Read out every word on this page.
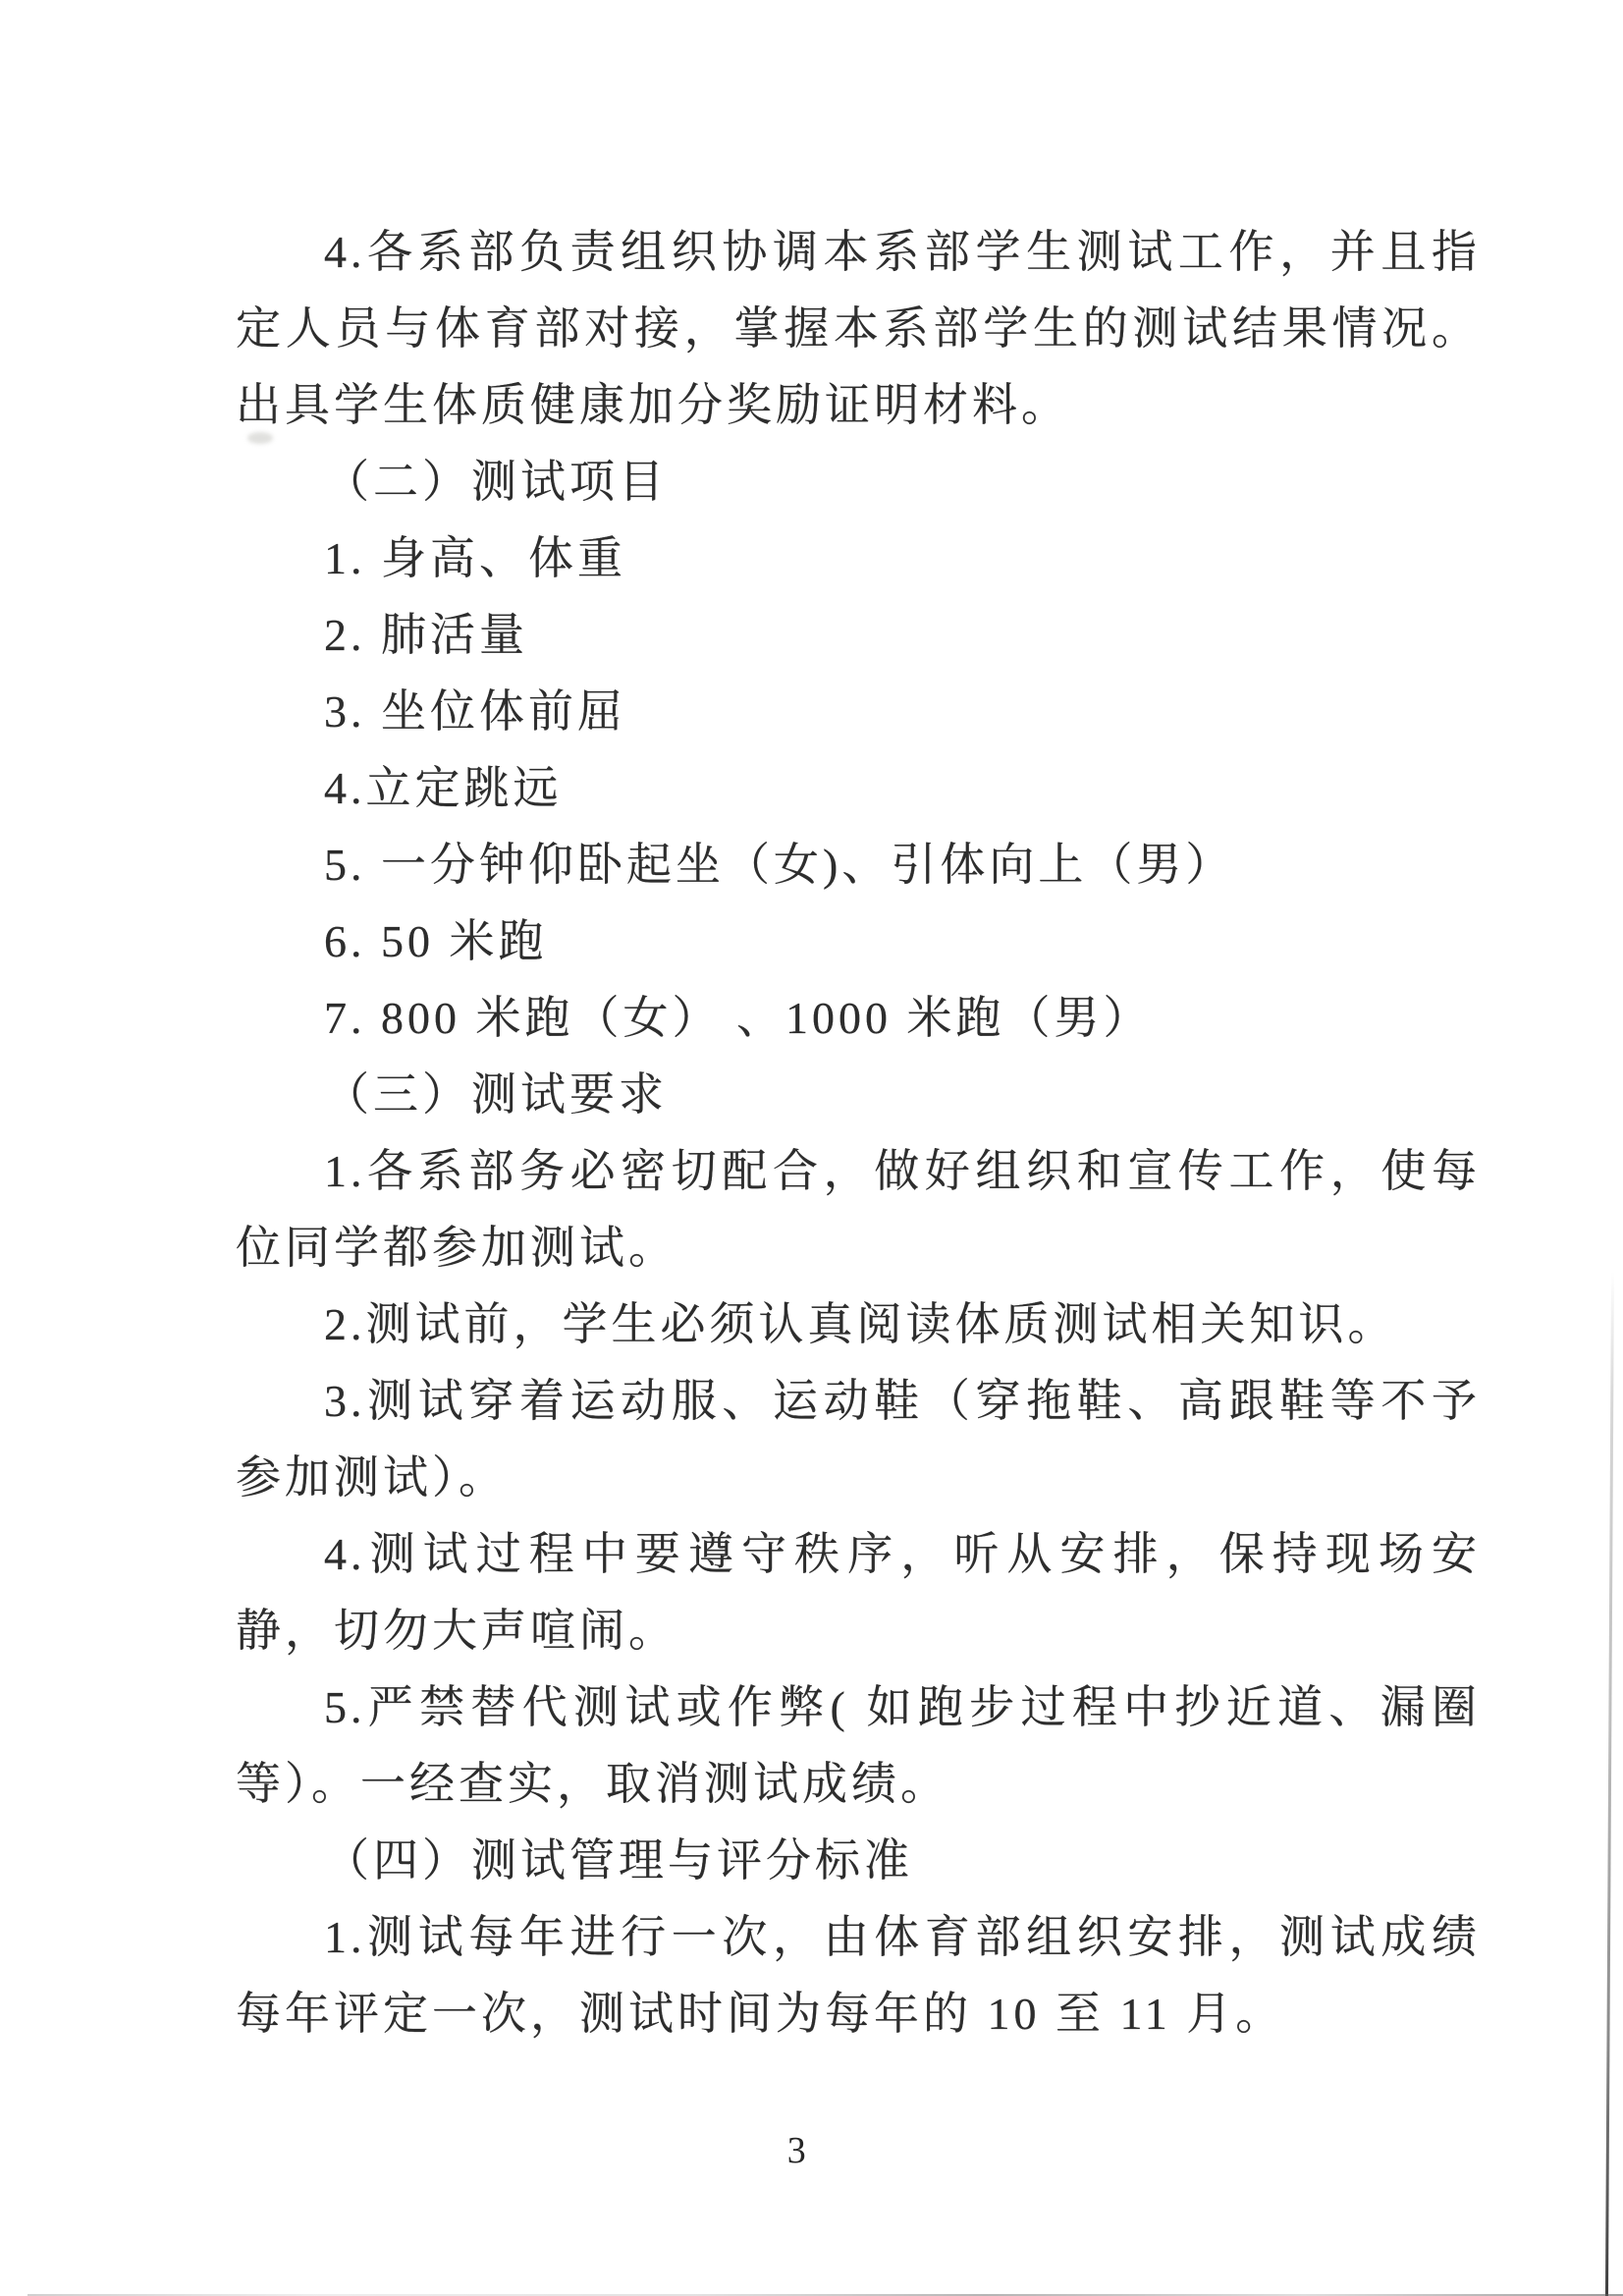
4.各系部负责组织协调本系部学生测试工作，并且指定人员与体育部对接，掌握本系部学生的测试结果情况。出具学生体质健康加分奖励证明材料。

（二）测试项目

1. 身高、体重

2. 肺活量

3. 坐位体前屈

4.立定跳远

5. 一分钟仰卧起坐（女)、引体向上（男）

6. 50 米跑

7. 800 米跑（女） 、1000 米跑（男）

（三）测试要求

1.各系部务必密切配合，做好组织和宣传工作，使每位同学都参加测试。

2.测试前，学生必须认真阅读体质测试相关知识。

3.测试穿着运动服、运动鞋（穿拖鞋、高跟鞋等不予参加测试）。

4.测试过程中要遵守秩序，听从安排，保持现场安静，切勿大声喧闹。

5.严禁替代测试或作弊( 如跑步过程中抄近道、漏圈等）。一经查实，取消测试成绩。

（四）测试管理与评分标准

1.测试每年进行一次，由体育部组织安排，测试成绩每年评定一次，测试时间为每年的 10 至 11 月。

3
